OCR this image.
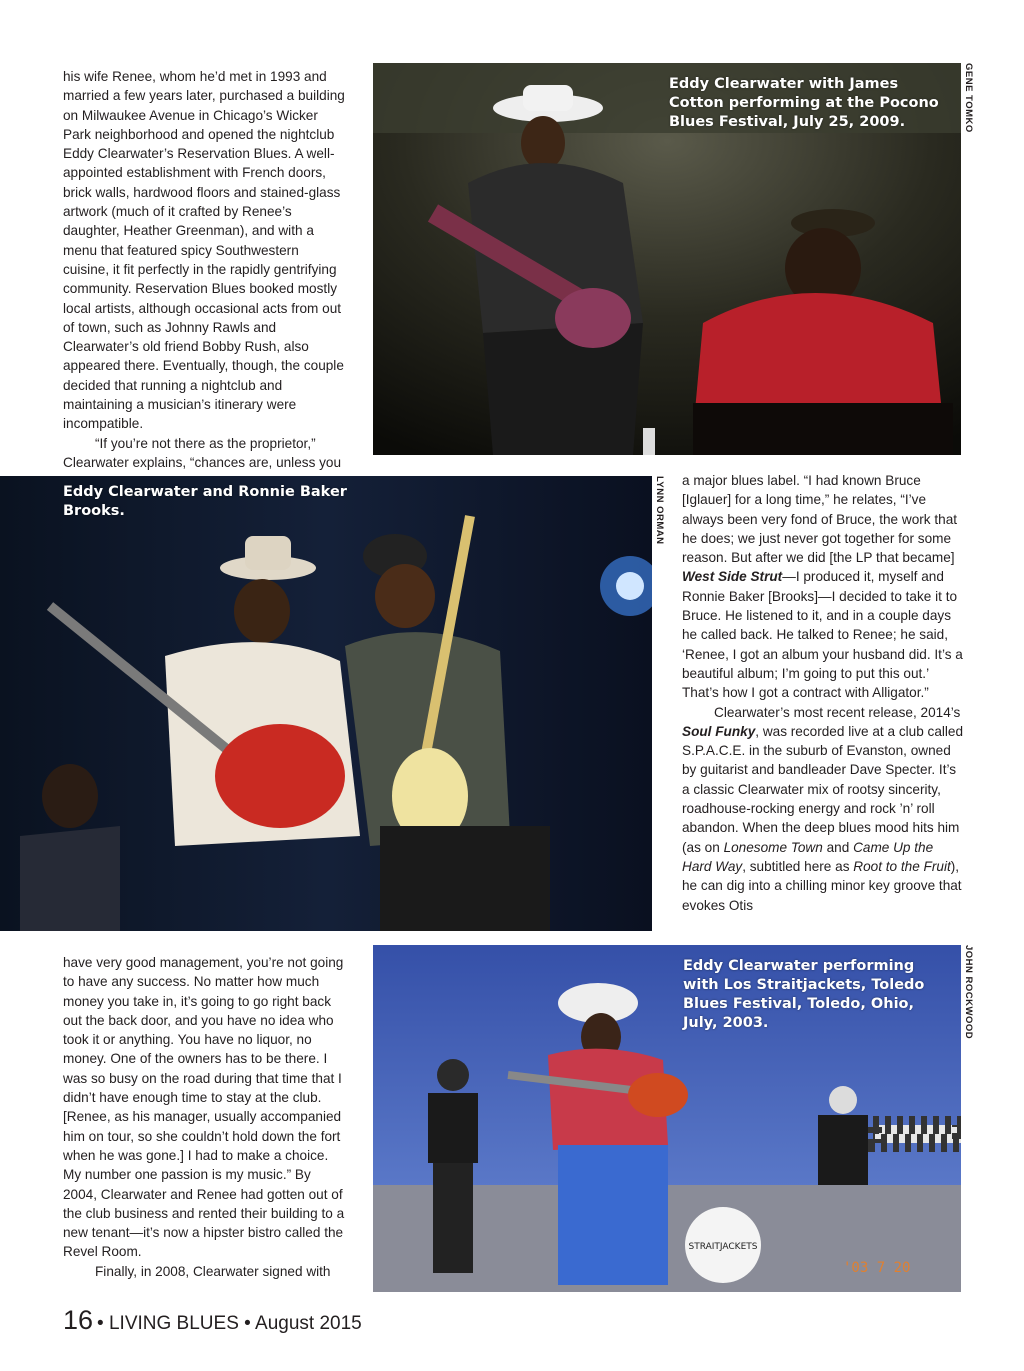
his wife Renee, whom he’d met in 1993 and married a few years later, purchased a building on Milwaukee Avenue in Chicago’s Wicker Park neighborhood and opened the nightclub Eddy Clearwater’s Reservation Blues. A well-appointed establishment with French doors, brick walls, hardwood floors and stained-glass artwork (much of it crafted by Renee’s daughter, Heather Greenman), and with a menu that featured spicy Southwestern cuisine, it fit perfectly in the rapidly gentrifying community. Reservation Blues booked mostly local artists, although occasional acts from out of town, such as Johnny Rawls and Clearwater’s old friend Bobby Rush, also appeared there. Eventually, though, the couple decided that running a nightclub and maintaining a musician’s itinerary were incompatible.

“If you’re not there as the proprietor,” Clearwater explains, “chances are, unless you

Eddy Clearwater with James Cotton performing at the Pocono Blues Festival, July 25, 2009.	GENE TOMKO
Eddy Clearwater and Ronnie Baker Brooks.	LYNN ORMAN a major blues label. “I had known Bruce [Iglauer] for a long time,” he relates, “I’ve always been very fond of Bruce, the work that he does; we just never got together for some reason. But after we did [the LP that became] West Side Strut—I produced it, myself and Ronnie Baker [Brooks]—I decided to take it to Bruce. He listened to it, and in a couple days he called back. He talked to Renee; he said, ‘Renee, I got an album your husband did. It’s a beautiful album; I’m going to put this out.’ That’s how I got a contract with Alligator.”

Clearwater’s most recent release, 2014’s Soul Funky, was recorded live at a club called S.P.A.C.E. in the suburb of Evanston, owned by guitarist and bandleader Dave Specter. It’s a classic Clearwater mix of rootsy sincerity, roadhouse-rocking energy and rock ’n’ roll abandon. When the deep blues mood hits him (as on Lonesome Town and Came Up the Hard Way, subtitled here as Root to the Fruit), he can dig into a chilling minor key groove that evokes Otis

have very good management, you’re not going to have any success. No matter how much money you take in, it’s going to go right back out the back door, and you have no idea who took it or anything. You have no liquor, no money. One of the owners has to be there. I was so busy on the road during that time that I didn’t have enough time to stay at the club. [Renee, as his manager, usually accompanied him on tour, so she couldn’t hold down the fort when he was gone.] I had to make a choice. My number one passion is my music.” By 2004, Clearwater and Renee had gotten out of the club business and rented their building to a new tenant—it’s now a hipster bistro called the Revel Room.

Finally, in 2008, Clearwater signed with

STRAITJACKETS
'03 7 20
Eddy Clearwater performing with Los Straitjackets, Toledo Blues Festival, Toledo, Ohio, July, 2003.	JOHN ROCKWOOD
16 • LIVING BLUES • August 2015
